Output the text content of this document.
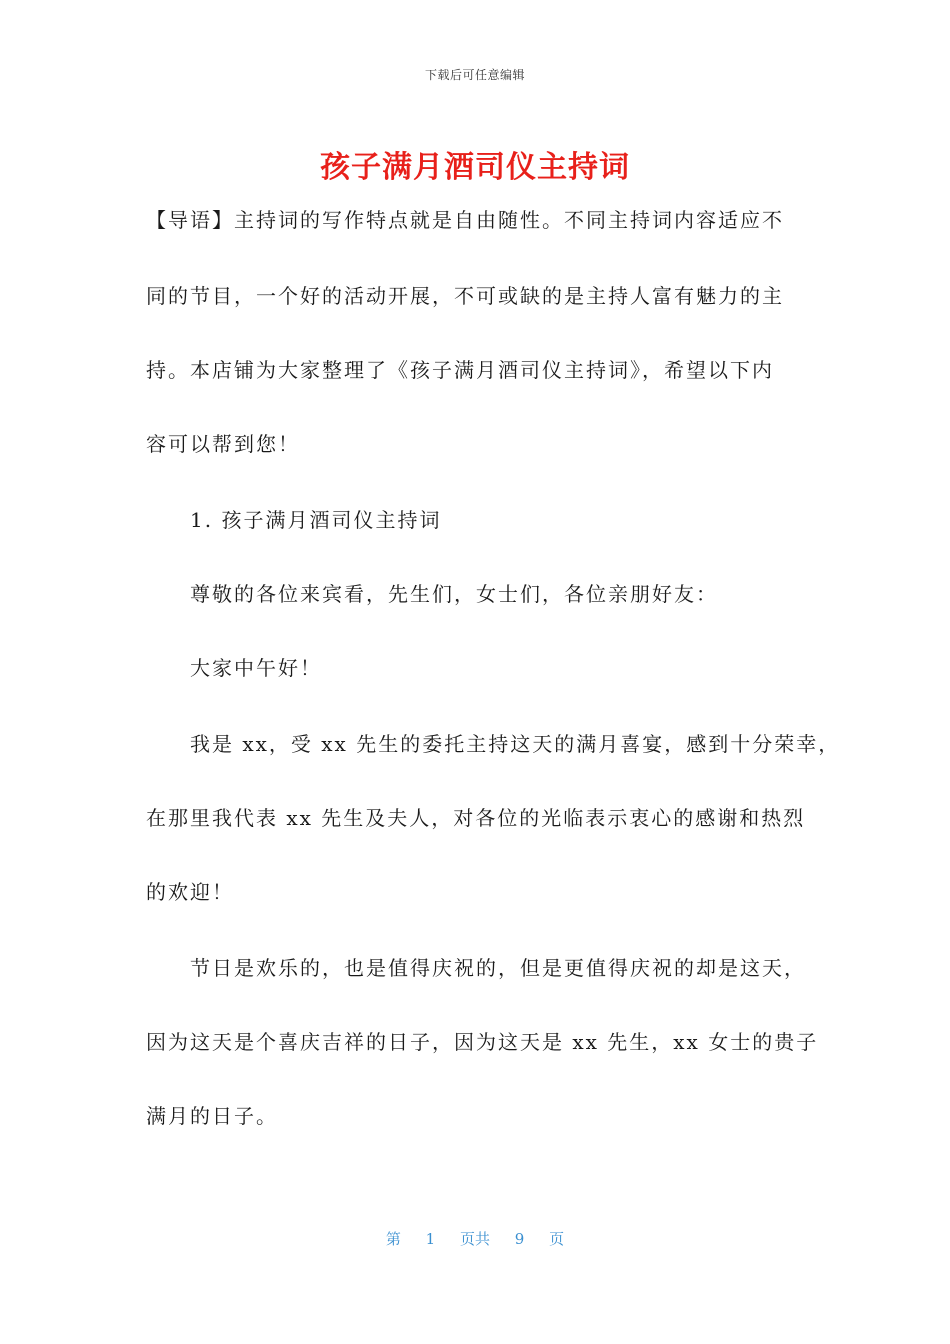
下载后可任意编辑
孩子满月酒司仪主持词

【导语】主持词的写作特点就是自由随性。不同主持词内容适应不

同的节目，一个好的活动开展，不可或缺的是主持人富有魅力的主

持。本店铺为大家整理了《孩子满月酒司仪主持词》，希望以下内

容可以帮到您！

1. 孩子满月酒司仪主持词

尊敬的各位来宾看，先生们，女士们，各位亲朋好友：

大家中午好！

我是 xx，受 xx 先生的委托主持这天的满月喜宴，感到十分荣幸，

在那里我代表 xx 先生及夫人，对各位的光临表示衷心的感谢和热烈

的欢迎！

节日是欢乐的，也是值得庆祝的，但是更值得庆祝的却是这天，

因为这天是个喜庆吉祥的日子，因为这天是 xx 先生，xx 女士的贵子

满月的日子。

第 1 页共 9 页
